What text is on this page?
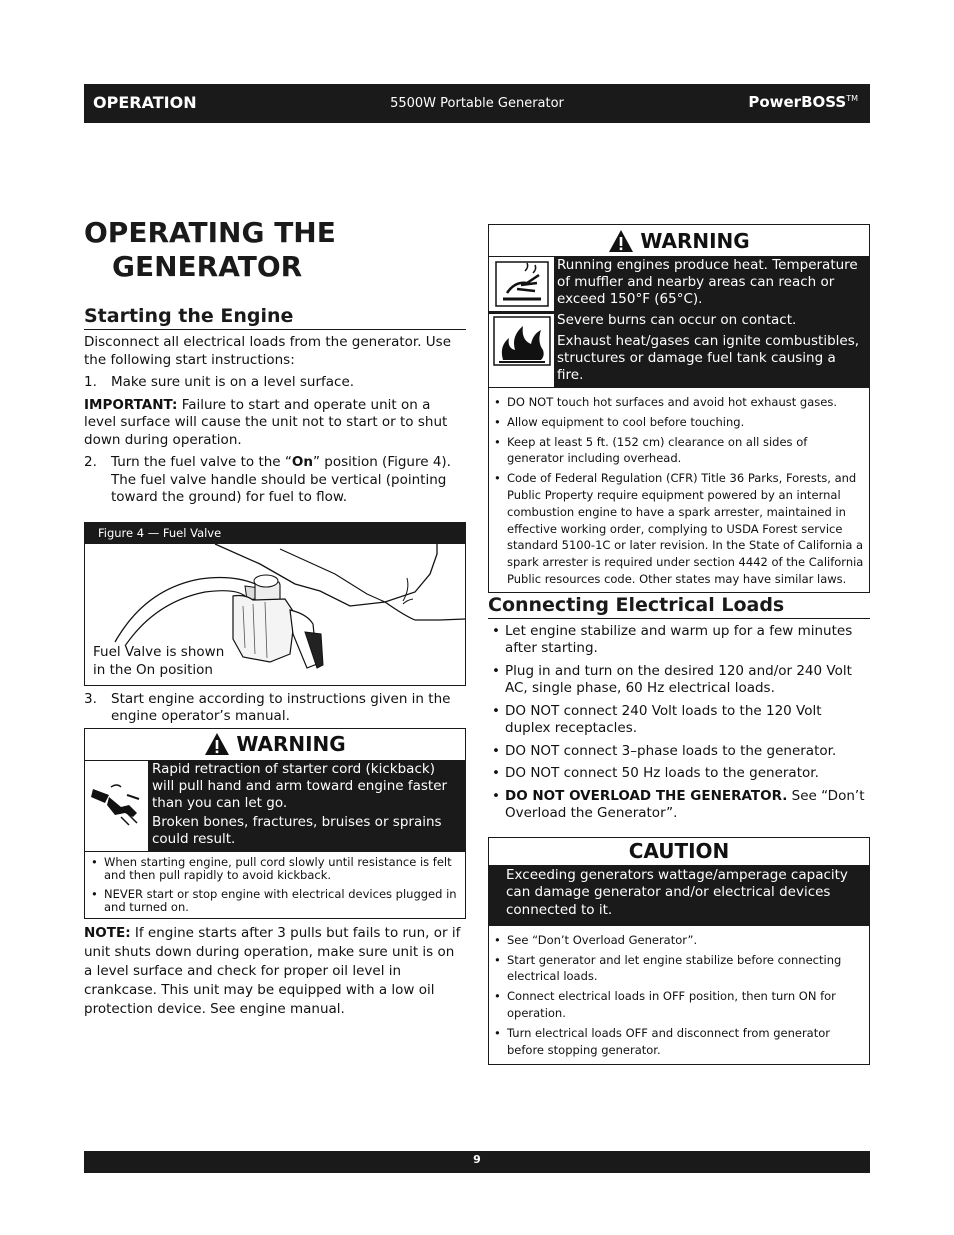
OPERATION	5500W Portable Generator	PowerBOSS™
OPERATING THE
GENERATOR
Starting the Engine

Disconnect all electrical loads from the generator. Use the following start instructions:

1.	Make sure unit is on a level surface.

IMPORTANT: Failure to start and operate unit on a level surface will cause the unit not to start or to shut down during operation.

2.	Turn the fuel valve to the “On” position (Figure 4). The fuel valve handle should be vertical (pointing toward the ground) for fuel to flow.
Figure 4 — Fuel Valve
Fuel Valve is shown
in the On position
3.	Start engine according to instructions given in the engine operator’s manual.
WARNING

Rapid retraction of starter cord (kickback) will pull hand and arm toward engine faster than you can let go.

Broken bones, fractures, bruises or sprains could result.

• When starting engine, pull cord slowly until resistance is felt and then pull rapidly to avoid kickback.
• NEVER start or stop engine with electrical devices plugged in and turned on.

NOTE: If engine starts after 3 pulls but fails to run, or if unit shuts down during operation, make sure unit is on a level surface and check for proper oil level in crankcase. This unit may be equipped with a low oil protection device. See engine manual.

WARNING

Running engines produce heat. Temperature of muffler and nearby areas can reach or exceed 150°F (65°C).

Severe burns can occur on contact.

Exhaust heat/gases can ignite combustibles, structures or damage fuel tank causing a fire.

• DO NOT touch hot surfaces and avoid hot exhaust gases.
• Allow equipment to cool before touching.
• Keep at least 5 ft. (152 cm) clearance on all sides of generator including overhead.
• Code of Federal Regulation (CFR) Title 36 Parks, Forests, and Public Property require equipment powered by an internal combustion engine to have a spark arrester, maintained in effective working order, complying to USDA Forest service standard 5100-1C or later revision. In the State of California a spark arrester is required under section 4442 of the California Public resources code. Other states may have similar laws.
Connecting Electrical Loads
• Let engine stabilize and warm up for a few minutes after starting.
• Plug in and turn on the desired 120 and/or 240 Volt AC, single phase, 60 Hz electrical loads.
• DO NOT connect 240 Volt loads to the 120 Volt duplex receptacles.
• DO NOT connect 3–phase loads to the generator.
• DO NOT connect 50 Hz loads to the generator.
• DO NOT OVERLOAD THE GENERATOR. See “Don’t Overload the Generator”.
CAUTION
Exceeding generators wattage/amperage capacity can damage generator and/or electrical devices connected to it.
• See “Don’t Overload Generator”.
• Start generator and let engine stabilize before connecting electrical loads.
• Connect electrical loads in OFF position, then turn ON for operation.
• Turn electrical loads OFF and disconnect from generator before stopping generator.
9
